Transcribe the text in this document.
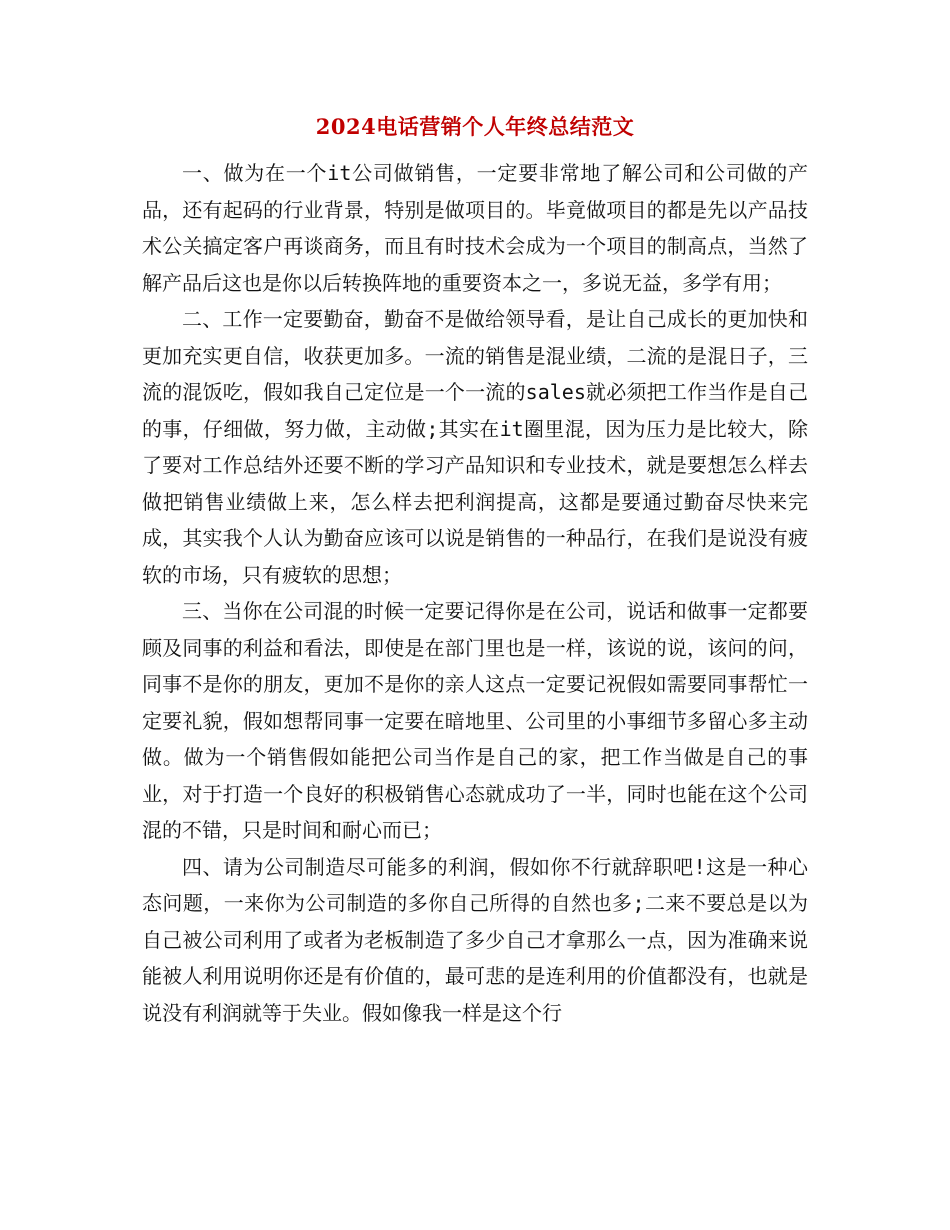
2024电话营销个人年终总结范文

一、做为在一个it公司做销售，一定要非常地了解公司和公司做的产品，还有起码的行业背景，特别是做项目的。毕竟做项目的都是先以产品技术公关搞定客户再谈商务，而且有时技术会成为一个项目的制高点，当然了解产品后这也是你以后转换阵地的重要资本之一，多说无益，多学有用；

二、工作一定要勤奋，勤奋不是做给领导看，是让自己成长的更加快和更加充实更自信，收获更加多。一流的销售是混业绩，二流的是混日子，三流的混饭吃，假如我自己定位是一个一流的sales就必须把工作当作是自己的事，仔细做，努力做，主动做;其实在it圈里混，因为压力是比较大，除了要对工作总结外还要不断的学习产品知识和专业技术，就是要想怎么样去做把销售业绩做上来，怎么样去把利润提高，这都是要通过勤奋尽快来完成，其实我个人认为勤奋应该可以说是销售的一种品行，在我们是说没有疲软的市场，只有疲软的思想；

三、当你在公司混的时候一定要记得你是在公司，说话和做事一定都要顾及同事的利益和看法，即使是在部门里也是一样，该说的说，该问的问，同事不是你的朋友，更加不是你的亲人这点一定要记祝假如需要同事帮忙一定要礼貌，假如想帮同事一定要在暗地里、公司里的小事细节多留心多主动做。做为一个销售假如能把公司当作是自己的家，把工作当做是自己的事业，对于打造一个良好的积极销售心态就成功了一半，同时也能在这个公司混的不错，只是时间和耐心而已；

四、请为公司制造尽可能多的利润，假如你不行就辞职吧!这是一种心态问题，一来你为公司制造的多你自己所得的自然也多;二来不要总是以为自己被公司利用了或者为老板制造了多少自己才拿那么一点，因为准确来说能被人利用说明你还是有价值的，最可悲的是连利用的价值都没有，也就是说没有利润就等于失业。假如像我一样是这个行
